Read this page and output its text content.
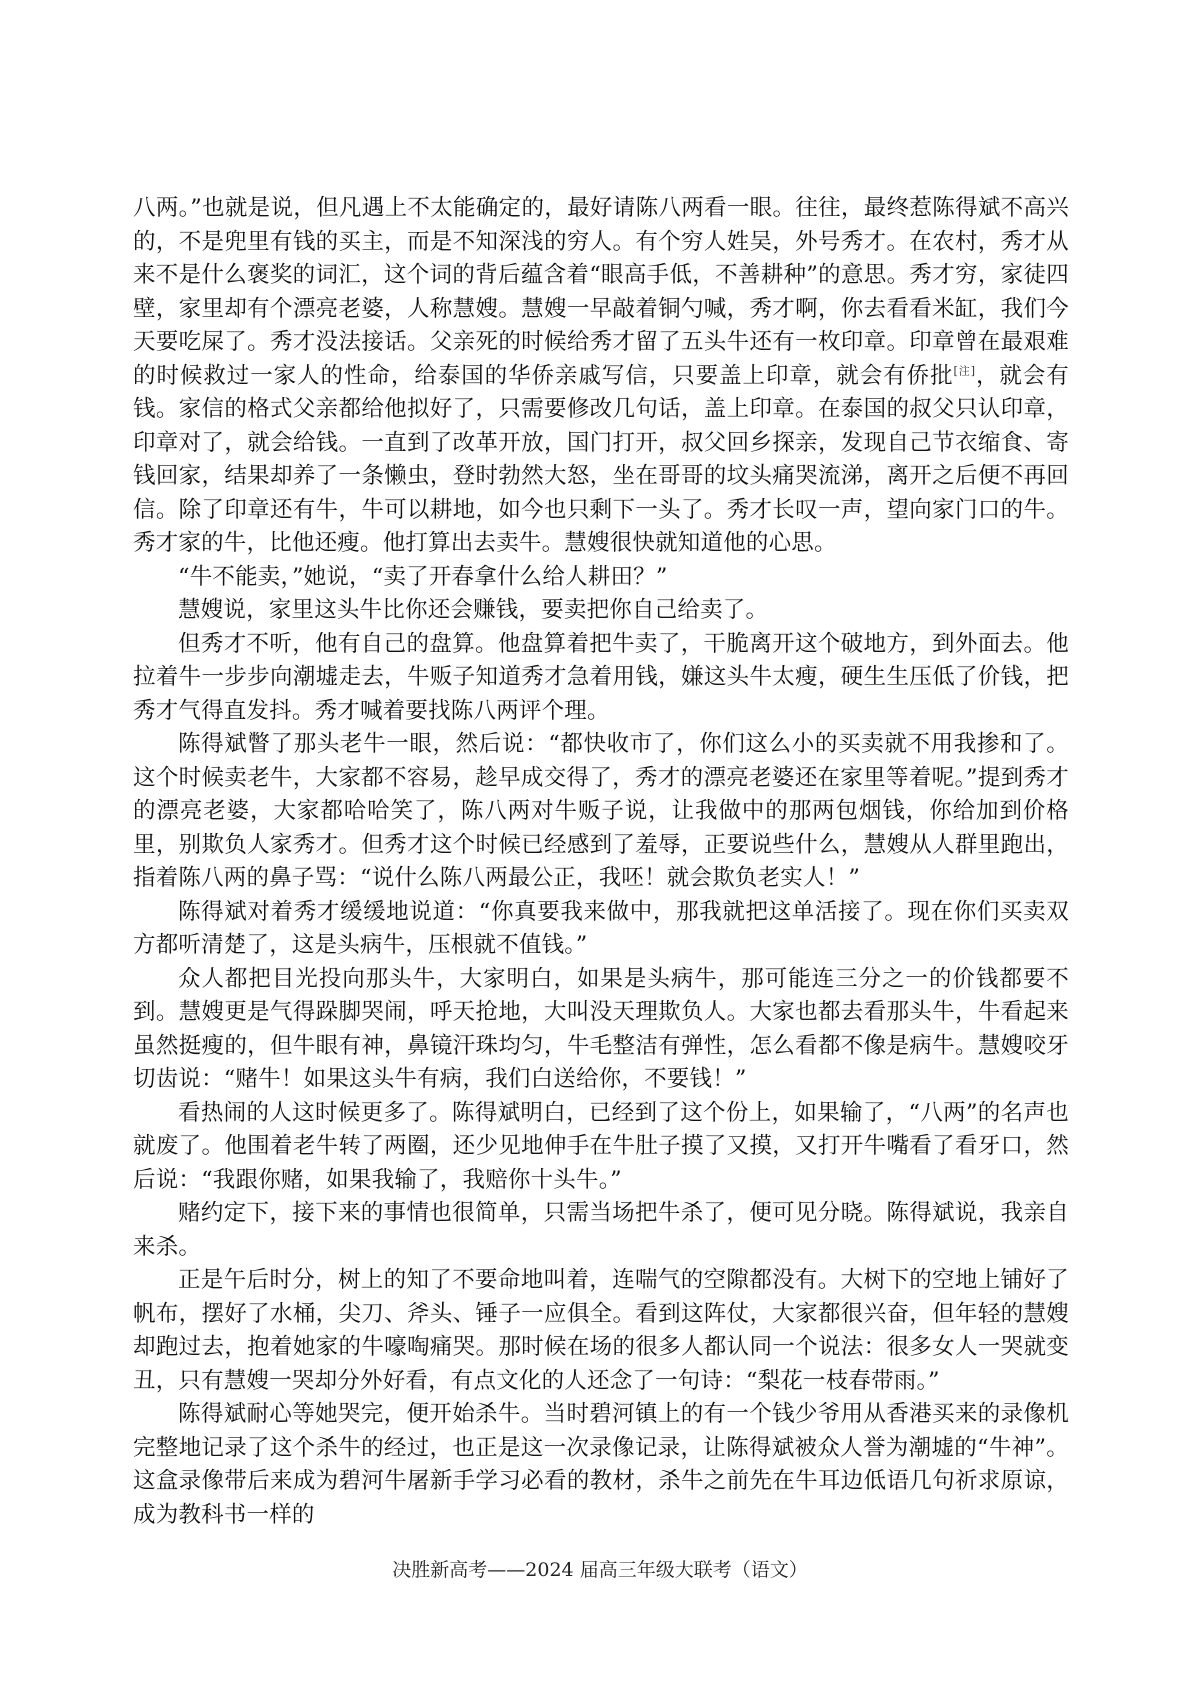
八两。”也就是说，但凡遇上不太能确定的，最好请陈八两看一眼。往往，最终惹陈得斌不高兴的，不是兜里有钱的买主，而是不知深浅的穷人。有个穷人姓吴，外号秀才。在农村，秀才从来不是什么褒奖的词汇，这个词的背后蕴含着“眼高手低，不善耕种”的意思。秀才穷，家徒四壁，家里却有个漂亮老婆，人称慧嫂。慧嫂一早敲着铜勺喊，秀才啊，你去看看米缸，我们今天要吃屎了。秀才没法接话。父亲死的时候给秀才留了五头牛还有一枚印章。印章曾在最艰难的时候救过一家人的性命，给泰国的华侨亲戚写信，只要盖上印章，就会有侨批[注]，就会有钱。家信的格式父亲都给他拟好了，只需要修改几句话，盖上印章。在泰国的叔父只认印章，印章对了，就会给钱。一直到了改革开放，国门打开，叔父回乡探亲，发现自己节衣缩食、寄钱回家，结果却养了一条懒虫，登时勃然大怒，坐在哥哥的坟头痛哭流涕，离开之后便不再回信。除了印章还有牛，牛可以耕地，如今也只剩下一头了。秀才长叹一声，望向家门口的牛。秀才家的牛，比他还瘦。他打算出去卖牛。慧嫂很快就知道他的心思。

“牛不能卖，”她说，“卖了开春拿什么给人耕田？”

慧嫂说，家里这头牛比你还会赚钱，要卖把你自己给卖了。

但秀才不听，他有自己的盘算。他盘算着把牛卖了，干脆离开这个破地方，到外面去。他拉着牛一步步向潮墟走去，牛贩子知道秀才急着用钱，嫌这头牛太瘦，硬生生压低了价钱，把秀才气得直发抖。秀才喊着要找陈八两评个理。

陈得斌瞥了那头老牛一眼，然后说：“都快收市了，你们这么小的买卖就不用我掺和了。这个时候卖老牛，大家都不容易，趁早成交得了，秀才的漂亮老婆还在家里等着呢。”提到秀才的漂亮老婆，大家都哈哈笑了，陈八两对牛贩子说，让我做中的那两包烟钱，你给加到价格里，别欺负人家秀才。但秀才这个时候已经感到了羞辱，正要说些什么，慧嫂从人群里跑出，指着陈八两的鼻子骂：“说什么陈八两最公正，我呸！就会欺负老实人！”

陈得斌对着秀才缓缓地说道：“你真要我来做中，那我就把这单活接了。现在你们买卖双方都听清楚了，这是头病牛，压根就不值钱。”

众人都把目光投向那头牛，大家明白，如果是头病牛，那可能连三分之一的价钱都要不到。慧嫂更是气得跺脚哭闹，呼天抢地，大叫没天理欺负人。大家也都去看那头牛，牛看起来虽然挺瘦的，但牛眼有神，鼻镜汗珠均匀，牛毛整洁有弹性，怎么看都不像是病牛。慧嫂咬牙切齿说：“赌牛！如果这头牛有病，我们白送给你，不要钱！”

看热闹的人这时候更多了。陈得斌明白，已经到了这个份上，如果输了，“八两”的名声也就废了。他围着老牛转了两圈，还少见地伸手在牛肚子摸了又摸，又打开牛嘴看了看牙口，然后说：“我跟你赌，如果我输了，我赔你十头牛。”

赌约定下，接下来的事情也很简单，只需当场把牛杀了，便可见分晓。陈得斌说，我亲自来杀。

正是午后时分，树上的知了不要命地叫着，连喘气的空隙都没有。大树下的空地上铺好了帆布，摆好了水桶，尖刀、斧头、锤子一应俱全。看到这阵仗，大家都很兴奋，但年轻的慧嫂却跑过去，抱着她家的牛嚎啕痛哭。那时候在场的很多人都认同一个说法：很多女人一哭就变丑，只有慧嫂一哭却分外好看，有点文化的人还念了一句诗：“梨花一枝春带雨。”

陈得斌耐心等她哭完，便开始杀牛。当时碧河镇上的有一个钱少爷用从香港买来的录像机完整地记录了这个杀牛的经过，也正是这一次录像记录，让陈得斌被众人誉为潮墟的“牛神”。这盒录像带后来成为碧河牛屠新手学习必看的教材，杀牛之前先在牛耳边低语几句祈求原谅，成为教科书一样的

决胜新高考——2024 届高三年级大联考（语文）
